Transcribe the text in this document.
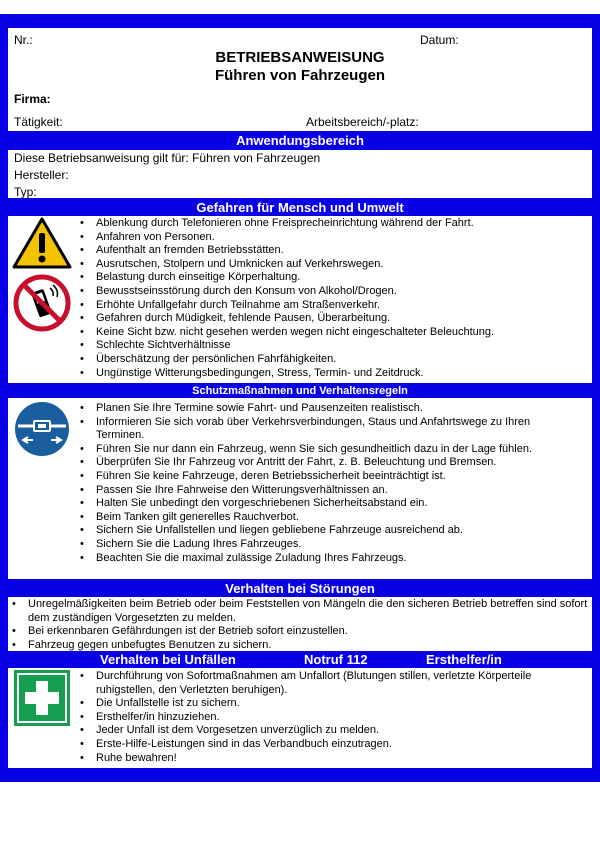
Nr.:	Datum:
BETRIEBSANWEISUNG
Führen von Fahrzeugen
Firma:
Tätigkeit:	Arbeitsbereich/-platz:
Anwendungsbereich
Diese Betriebsanweisung gilt für: Führen von Fahrzeugen
Hersteller:
Typ:
Gefahren für Mensch und Umwelt
• Ablenkung durch Telefonieren ohne Freisprecheinrichtung während der Fahrt.
• Anfahren von Personen.
• Aufenthalt an fremden Betriebsstätten.
• Ausrutschen, Stolpern und Umknicken auf Verkehrswegen.
• Belastung durch einseitige Körperhaltung.
• Bewusstseinsstörung durch den Konsum von Alkohol/Drogen.
• Erhöhte Unfallgefahr durch Teilnahme am Straßenverkehr.
• Gefahren durch Müdigkeit, fehlende Pausen, Überarbeitung.
• Keine Sicht bzw. nicht gesehen werden wegen nicht eingeschalteter Beleuchtung.
• Schlechte Sichtverhältnisse
• Überschätzung der persönlichen Fahrfähigkeiten.
• Ungünstige Witterungsbedingungen, Stress, Termin- und Zeitdruck.
Schutzmaßnahmen und Verhaltensregeln
• Planen Sie Ihre Termine sowie Fahrt- und Pausenzeiten realistisch.
• Informieren Sie sich vorab über Verkehrsverbindungen, Staus und Anfahrtswege zu Ihren Terminen.
• Führen Sie nur dann ein Fahrzeug, wenn Sie sich gesundheitlich dazu in der Lage fühlen.
• Überprüfen Sie Ihr Fahrzeug vor Antritt der Fahrt, z. B. Beleuchtung und Bremsen.
• Führen Sie keine Fahrzeuge, deren Betriebssicherheit beeinträchtigt ist.
• Passen Sie Ihre Fahrweise den Witterungsverhältnissen an.
• Halten Sie unbedingt den vorgeschriebenen Sicherheitsabstand ein.
• Beim Tanken gilt generelles Rauchverbot.
• Sichern Sie Unfallstellen und liegen gebliebene Fahrzeuge ausreichend ab.
• Sichern Sie die Ladung Ihres Fahrzeuges.
• Beachten Sie die maximal zulässige Zuladung Ihres Fahrzeugs.
Verhalten bei Störungen
• Unregelmäßigkeiten beim Betrieb oder beim Feststellen von Mängeln die den sicheren Betrieb betreffen sind sofort dem zuständigen Vorgesetzten zu melden.
• Bei erkennbaren Gefährdungen ist der Betrieb sofort einzustellen.
• Fahrzeug gegen unbefugtes Benutzen zu sichern.
Verhalten bei Unfällen	Notruf 112	Ersthelfer/in
• Durchführung von Sofortmaßnahmen am Unfallort (Blutungen stillen, verletzte Körperteile ruhigstellen, den Verletzten beruhigen).
• Die Unfallstelle ist zu sichern.
• Ersthelfer/in hinzuziehen.
• Jeder Unfall ist dem Vorgesetzen unverzüglich zu melden.
• Erste-Hilfe-Leistungen sind in das Verbandbuch einzutragen.
• Ruhe bewahren!
